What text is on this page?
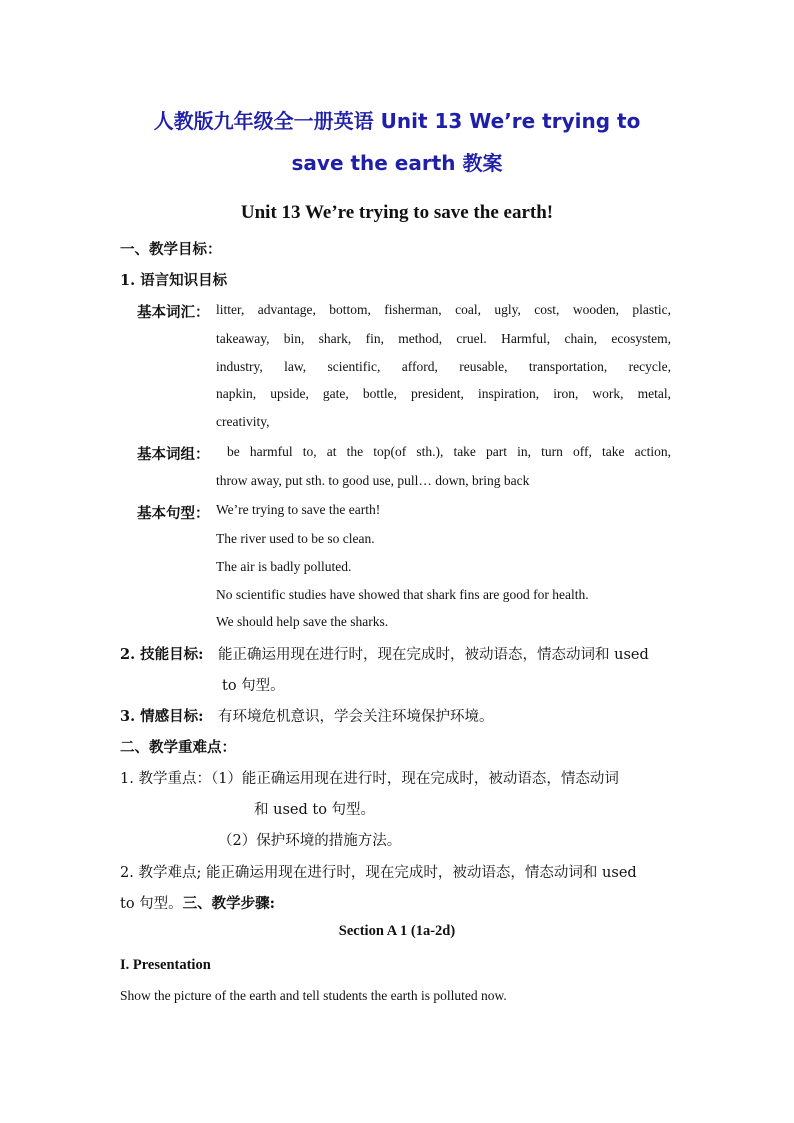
人教版九年级全一册英语 Unit 13 We’re trying to
save the earth 教案
Unit 13 We’re trying to save the earth!
一、教学目标：
1. 语言知识目标
基本词汇： litter, advantage, bottom, fisherman, coal, ugly, cost, wooden, plastic,
takeaway, bin, shark, fin, method, cruel. Harmful, chain, ecosystem,
industry, law, scientific, afford, reusable, transportation, recycle,
napkin, upside, gate, bottle, president, inspiration, iron, work, metal,
creativity,
基本词组： be harmful to, at the top(of sth.), take part in, turn off, take action,
throw away, put sth. to good use, pull… down, bring back
基本句型： We’re trying to save the earth!
The river used to be so clean.
The air is badly polluted.
No scientific studies have showed that shark fins are good for health.
We should help save the sharks.
2. 技能目标: 能正确运用现在进行时，现在完成时，被动语态，情态动词和 used
to 句型。
3. 情感目标: 有环境危机意识，学会关注环境保护环境。
二、教学重难点：
1. 教学重点：（1）能正确运用现在进行时，现在完成时，被动语态，情态动词
和 used to 句型。
（2）保护环境的措施方法。
2. 教学难点; 能正确运用现在进行时，现在完成时，被动语态，情态动词和 used
to 句型。三、教学步骤:
Section A 1 (1a-2d)
I. Presentation
Show the picture of the earth and tell students the earth is polluted now.
